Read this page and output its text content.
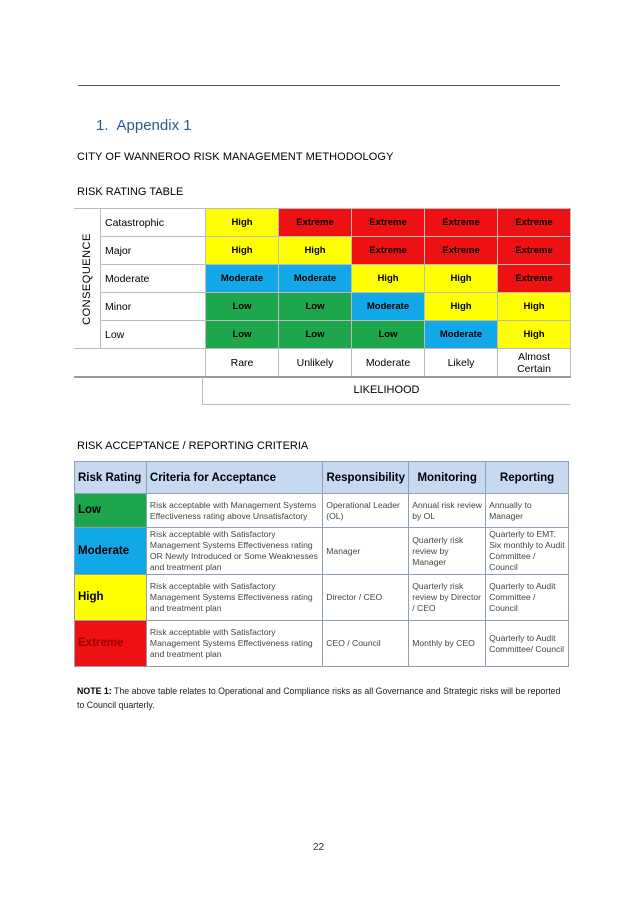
1. Appendix 1
CITY OF WANNEROO RISK MANAGEMENT METHODOLOGY
RISK RATING TABLE
CONSEQUENCE	Catastrophic	High	Extreme	Extreme	Extreme	Extreme
	Major	High	High	Extreme	Extreme	Extreme
	Moderate	Moderate	Moderate	High	High	Extreme
	Minor	Low	Low	Moderate	High	High
	Low	Low	Low	Low	Moderate	High
		Rare	Unlikely	Moderate	Likely	Almost Certain
LIKELIHOOD
RISK ACCEPTANCE / REPORTING CRITERIA
Risk Rating	Criteria for Acceptance	Responsibility	Monitoring	Reporting
Low	Risk acceptable with Management Systems Effectiveness rating above Unsatisfactory	Operational Leader (OL)	Annual risk review by OL	Annually to Manager
Moderate	Risk acceptable with Satisfactory Management Systems Effectiveness rating OR Newly Introduced or Some Weaknesses and treatment plan	Manager	Quarterly risk review by Manager	Quarterly to EMT. Six monthly to Audit Committee / Council
High	Risk acceptable with Satisfactory Management Systems Effectiveness rating and treatment plan	Director / CEO	Quarterly risk review by Director / CEO	Quarterly to Audit Committee / Council
Extreme	Risk acceptable with Satisfactory Management Systems Effectiveness rating and treatment plan	CEO / Council	Monthly by CEO	Quarterly to Audit Committee/ Council
NOTE 1: The above table relates to Operational and Compliance risks as all Governance and Strategic risks will be reported to Council quarterly.
22
